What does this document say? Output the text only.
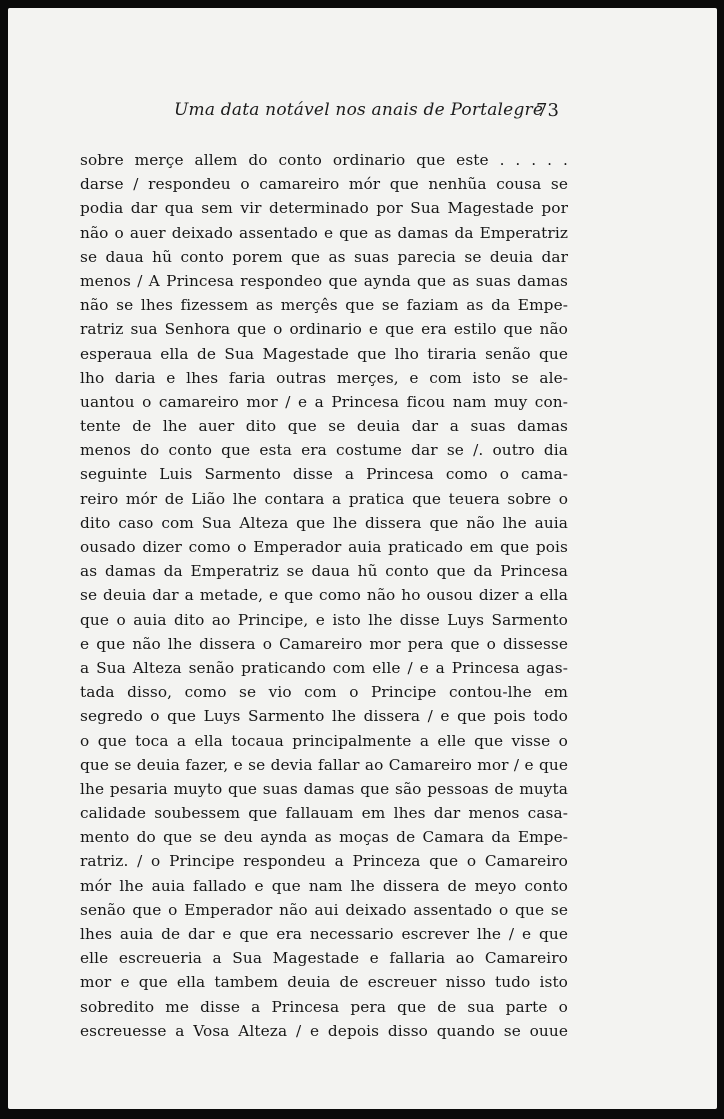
Uma data notável nos anais de Portalegre
73
sobre merçe allem do conto ordinario que este . . . . .
darse / respondeu o camareiro mór que nenhũa cousa se
podia dar qua sem vir determinado por Sua Magestade por
não o auer deixado assentado e que as damas da Emperatriz
se daua hũ conto porem que as suas parecia se deuia dar
menos / A Princesa respondeo que aynda que as suas damas
não se lhes fizessem as merçês que se faziam as da Empe-
ratriz sua Senhora que o ordinario e que era estilo que não
esperaua ella de Sua Magestade que lho tiraria senão que
lho daria e lhes faria outras merçes, e com isto se ale-
uantou o camareiro mor / e a Princesa ficou nam muy con-
tente de lhe auer dito que se deuia dar a suas damas
menos do conto que esta era costume dar se /. outro dia
seguinte Luis Sarmento disse a Princesa como o cama-
reiro mór de Lião lhe contara a pratica que teuera sobre o
dito caso com Sua Alteza que lhe dissera que não lhe auia
ousado dizer como o Emperador auia praticado em que pois
as damas da Emperatriz se daua hũ conto que da Princesa
se deuia dar a metade, e que como não ho ousou dizer a ella
que o auia dito ao Principe, e isto lhe disse Luys Sarmento
e que não lhe dissera o Camareiro mor pera que o dissesse
a Sua Alteza senão praticando com elle / e a Princesa agas-
tada disso, como se vio com o Principe contou-lhe em
segredo o que Luys Sarmento lhe dissera / e que pois todo
o que toca a ella tocaua principalmente a elle que visse o
que se deuia fazer, e se devia fallar ao Camareiro mor / e que
lhe pesaria muyto que suas damas que são pessoas de muyta
calidade soubessem que fallauam em lhes dar menos casa-
mento do que se deu aynda as moças de Camara da Empe-
ratriz. / o Principe respondeu a Princeza que o Camareiro
mór lhe auia fallado e que nam lhe dissera de meyo conto
senão que o Emperador não aui deixado assentado o que se
lhes auia de dar e que era necessario escrever lhe / e que
elle escreueria a Sua Magestade e fallaria ao Camareiro
mor e que ella tambem deuia de escreuer nisso tudo isto
sobredito me disse a Princesa pera que de sua parte o
escreuesse a Vosa Alteza / e depois disso quando se ouue
